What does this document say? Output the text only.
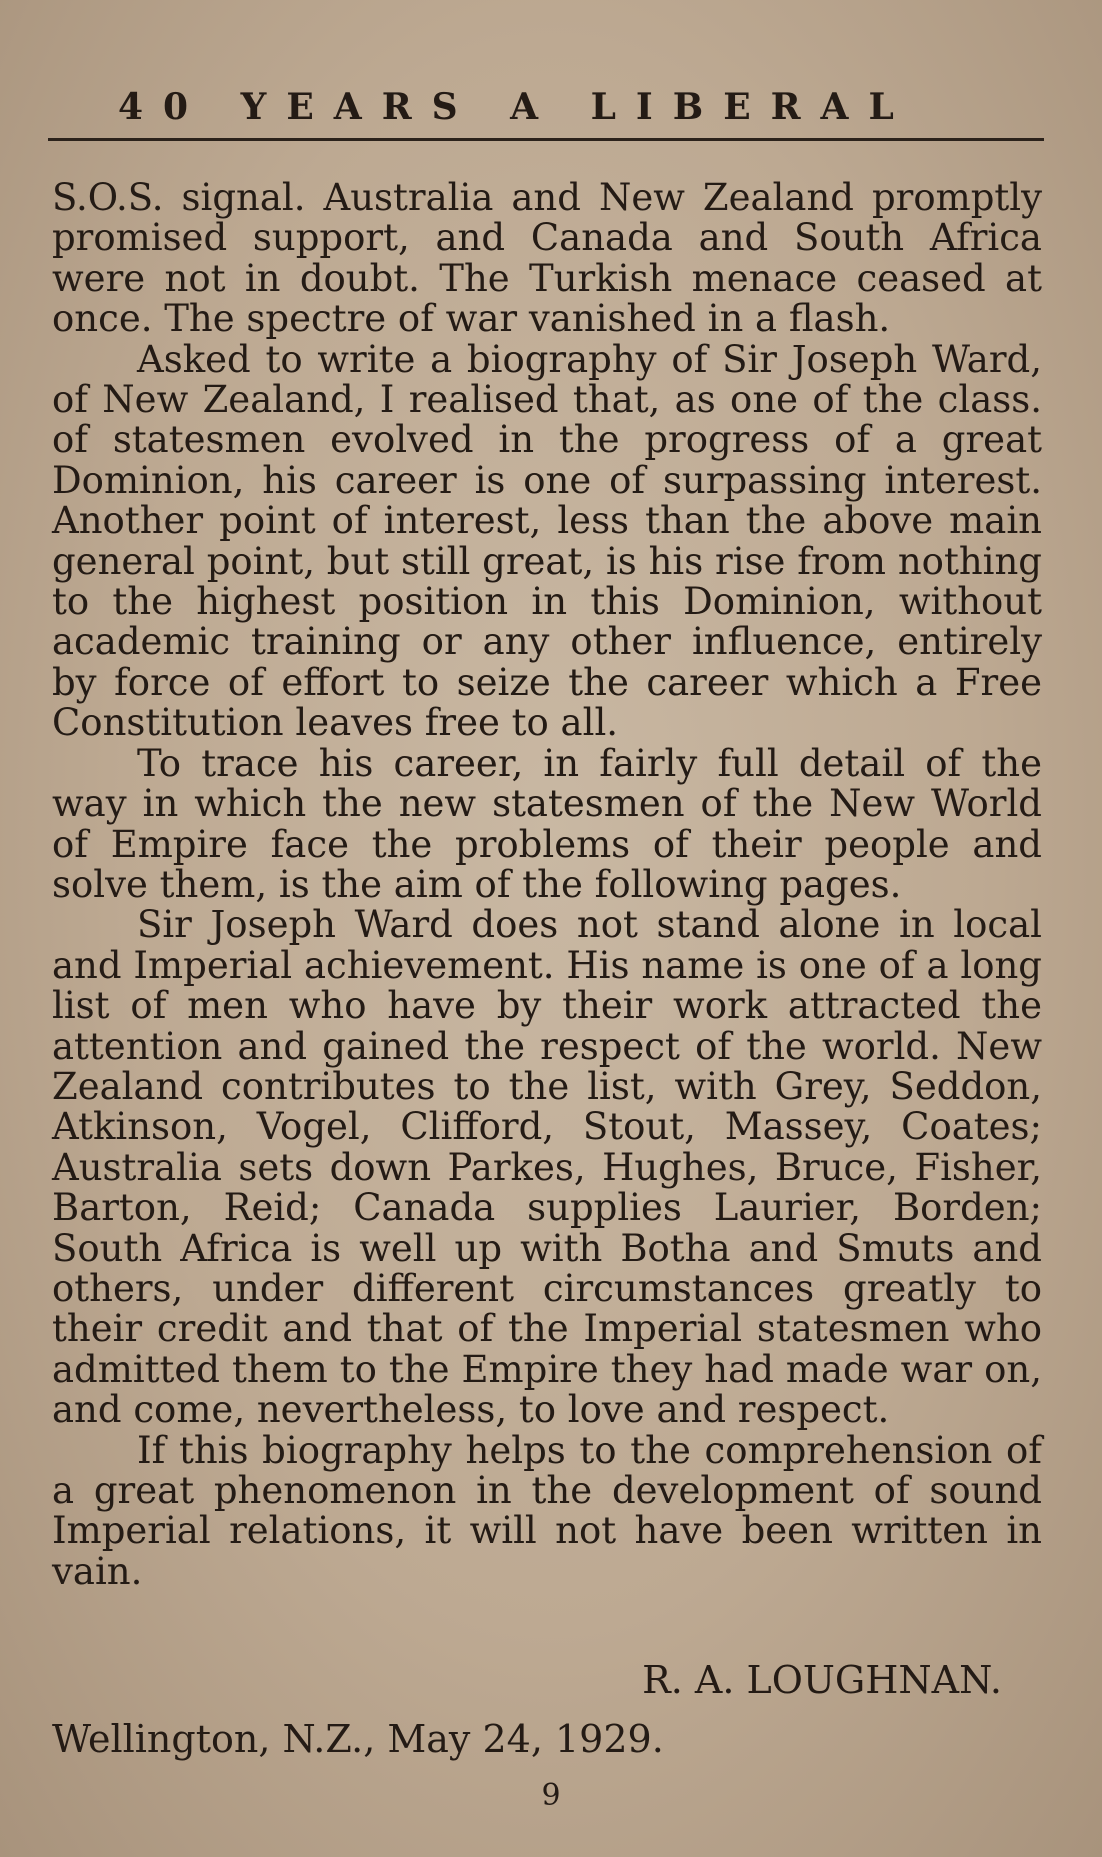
40 YEARS A LIBERAL

S.O.S. signal. Australia and New Zealand promptly promised support, and Canada and South Africa were not in doubt. The Turkish menace ceased at once. The spectre of war vanished in a flash.

Asked to write a biography of Sir Joseph Ward, of New Zealand, I realised that, as one of the class. of statesmen evolved in the progress of a great Dominion, his career is one of surpassing interest. Another point of interest, less than the above main general point, but still great, is his rise from nothing to the highest position in this Dominion, without academic training or any other influence, entirely by force of effort to seize the career which a Free Constitution leaves free to all.

To trace his career, in fairly full detail of the way in which the new statesmen of the New World of Empire face the problems of their people and solve them, is the aim of the following pages.

Sir Joseph Ward does not stand alone in local and Imperial achievement. His name is one of a long list of men who have by their work attracted the attention and gained the respect of the world. New Zealand contributes to the list, with Grey, Seddon, Atkinson, Vogel, Clifford, Stout, Massey, Coates; Australia sets down Parkes, Hughes, Bruce, Fisher, Barton, Reid; Canada supplies Laurier, Borden; South Africa is well up with Botha and Smuts and others, under different circumstances greatly to their credit and that of the Imperial statesmen who admitted them to the Empire they had made war on, and come, nevertheless, to love and respect.

If this biography helps to the comprehension of a great phenomenon in the development of sound Imperial relations, it will not have been written in vain.

R. A. LOUGHNAN.
Wellington, N.Z., May 24, 1929.
9
